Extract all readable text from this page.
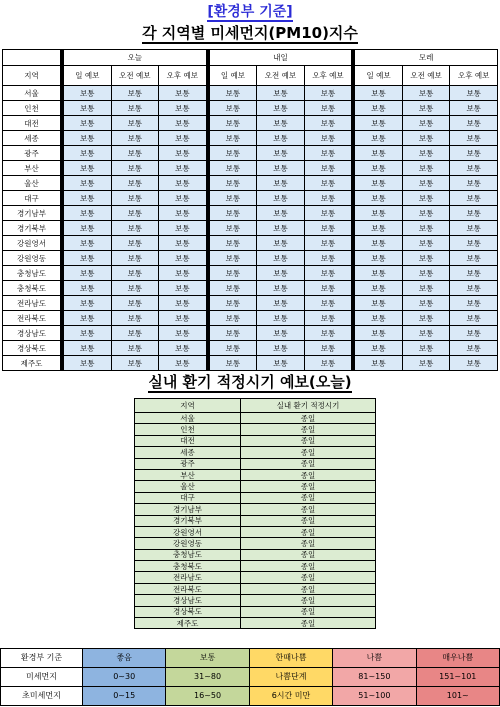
[환경부 기준]
각 지역별 미세먼지(PM10)지수
		오늘				내일				모레		
지역		일 예보	오전 예보	오후 예보		일 예보	오전 예보	오후 예보		일 예보	오전 예보	오후 예보
서울		보통	보통	보통		보통	보통	보통		보통	보통	보통
인천		보통	보통	보통		보통	보통	보통		보통	보통	보통
대전		보통	보통	보통		보통	보통	보통		보통	보통	보통
세종		보통	보통	보통		보통	보통	보통		보통	보통	보통
광주		보통	보통	보통		보통	보통	보통		보통	보통	보통
부산		보통	보통	보통		보통	보통	보통		보통	보통	보통
울산		보통	보통	보통		보통	보통	보통		보통	보통	보통
대구		보통	보통	보통		보통	보통	보통		보통	보통	보통
경기남부		보통	보통	보통		보통	보통	보통		보통	보통	보통
경기북부		보통	보통	보통		보통	보통	보통		보통	보통	보통
강원영서		보통	보통	보통		보통	보통	보통		보통	보통	보통
강원영동		보통	보통	보통		보통	보통	보통		보통	보통	보통
충청남도		보통	보통	보통		보통	보통	보통		보통	보통	보통
충청북도		보통	보통	보통		보통	보통	보통		보통	보통	보통
전라남도		보통	보통	보통		보통	보통	보통		보통	보통	보통
전라북도		보통	보통	보통		보통	보통	보통		보통	보통	보통
경상남도		보통	보통	보통		보통	보통	보통		보통	보통	보통
경상북도		보통	보통	보통		보통	보통	보통		보통	보통	보통
제주도		보통	보통	보통		보통	보통	보통		보통	보통	보통
실내 환기 적정시기 예보(오늘)
지역	실내 환기 적정시기
서울	종일
인천	종일
대전	종일
세종	종일
광주	종일
부산	종일
울산	종일
대구	종일
경기남부	종일
경기북부	종일
강원영서	종일
강원영동	종일
충청남도	종일
충청북도	종일
전라남도	종일
전라북도	종일
경상남도	종일
경상북도	종일
제주도	종일
환경부 기준	좋음	보통	한때나쁨	나쁨	매우나쁨
미세먼지	0~30	31~80	나쁨단계	81~150	151~101
초미세먼지	0~15	16~50	6시간 미만	51~100	101~
